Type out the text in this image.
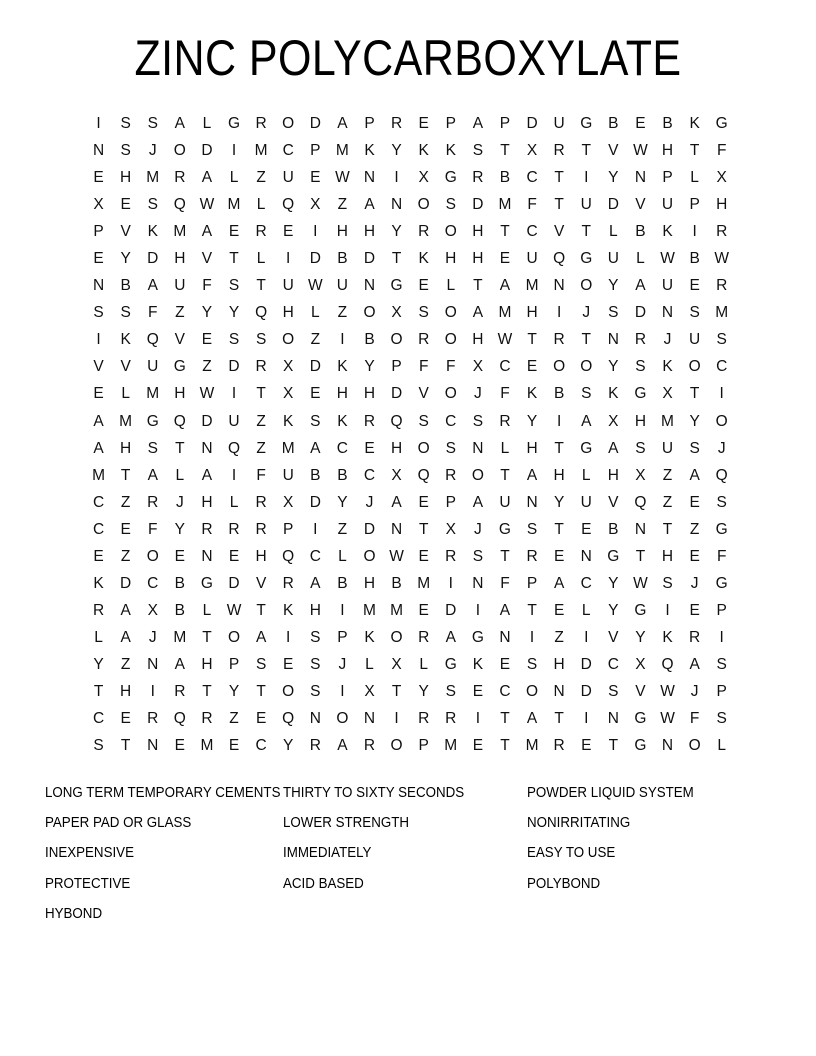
ZINC POLYCARBOXYLATE
I	S	S	A	L	G R O D	A	P	R	E	P	A	P	D	U G	B	E	B	K	G
N	S	J	O D	I	M C	P M K	Y	K	K	S	T	X	R	T	V W H	T	F
E	H M R	A	L	Z	U	E W N	I	X	G R	B	C	T	I	Y	N	P	L	X
X	E	S	Q W M	L	Q	X	Z	A	N O	S	D M	F	T	U	D	V	U	P	H
P	V	K M A	E	R	E	I	H	H	Y	R O H	T	C	V	T	L	B	K	I	R
E	Y	D	H	V	T	L	I	D	B	D	T	K	H	H	E	U Q G U	L W B W
N	B	A	U	F	S	T	U W U	N G	E	L	T	A M N O	Y	A	U	E	R
S	S	F	Z	Y	Y	Q H	L	Z	O	X	S	O	A M H	I	J	S	D	N	S M
I	K	Q	V	E	S	S	O	Z	I	B	O R O H W T	R	T	N	R	J	U	S
V	V	U G	Z	D	R	X	D	K	Y	P	F	F	X	C	E	O O	Y	S	K	O C
E	L	M H W	I	T	X	E	H	H	D	V	O	J	F	K	B	S	K	G	X	T	I
A M G Q D	U	Z	K	S	K	R Q	S	C	S	R	Y	I	A	X	H M Y	O
A	H	S	T	N Q	Z	M A	C	E	H O	S	N	L	H	T	G	A	S	U	S	J
M	T	A	L	A	I	F	U	B	B	C	X	Q R O	T	A	H	L	H	X	Z	A	Q
C	Z	R	J	H	L	R	X	D	Y	J	A	E	P	A	U	N	Y	U	V	Q	Z	E	S
C	E	F	Y	R	R	R	P	I	Z	D	N	T	X	J	G	S	T	E	B	N	T	Z	G
E	Z	O	E	N	E	H Q C	L	O W E	R	S	T	R	E	N G	T	H	E	F
K	D	C	B	G D	V	R	A	B	H	B M	I	N	F	P	A	C	Y W S	J	G
R	A	X	B	L W T	K	H	I	M M E	D	I	A	T	E	L	Y	G	I	E	P
L	A	J	M	T	O	A	I	S	P	K	O R	A	G N	I	Z	I	V	Y	K	R	I
Y	Z	N	A	H	P	S	E	S	J	L	X	L	G	K	E	S	H	D	C	X	Q	A	S
T	H	I	R	T	Y	T	O	S	I	X	T	Y	S	E	C O N	D	S	V W	J	P
C	E	R Q R	Z	E	Q N O N	I	R	R	I	T	A	T	I	N G W F	S
S	T	N	E M E	C	Y	R	A	R O	P M E	T	M R	E	T	G N O	L
LONG TERM TEMPORARY CEMENTS
PAPER PAD OR GLASS
INEXPENSIVE
PROTECTIVE
HYBOND
THIRTY TO SIXTY SECONDS
LOWER STRENGTH
IMMEDIATELY
ACID BASED
POWDER LIQUID SYSTEM
NONIRRITATING
EASY TO USE
POLYBOND
